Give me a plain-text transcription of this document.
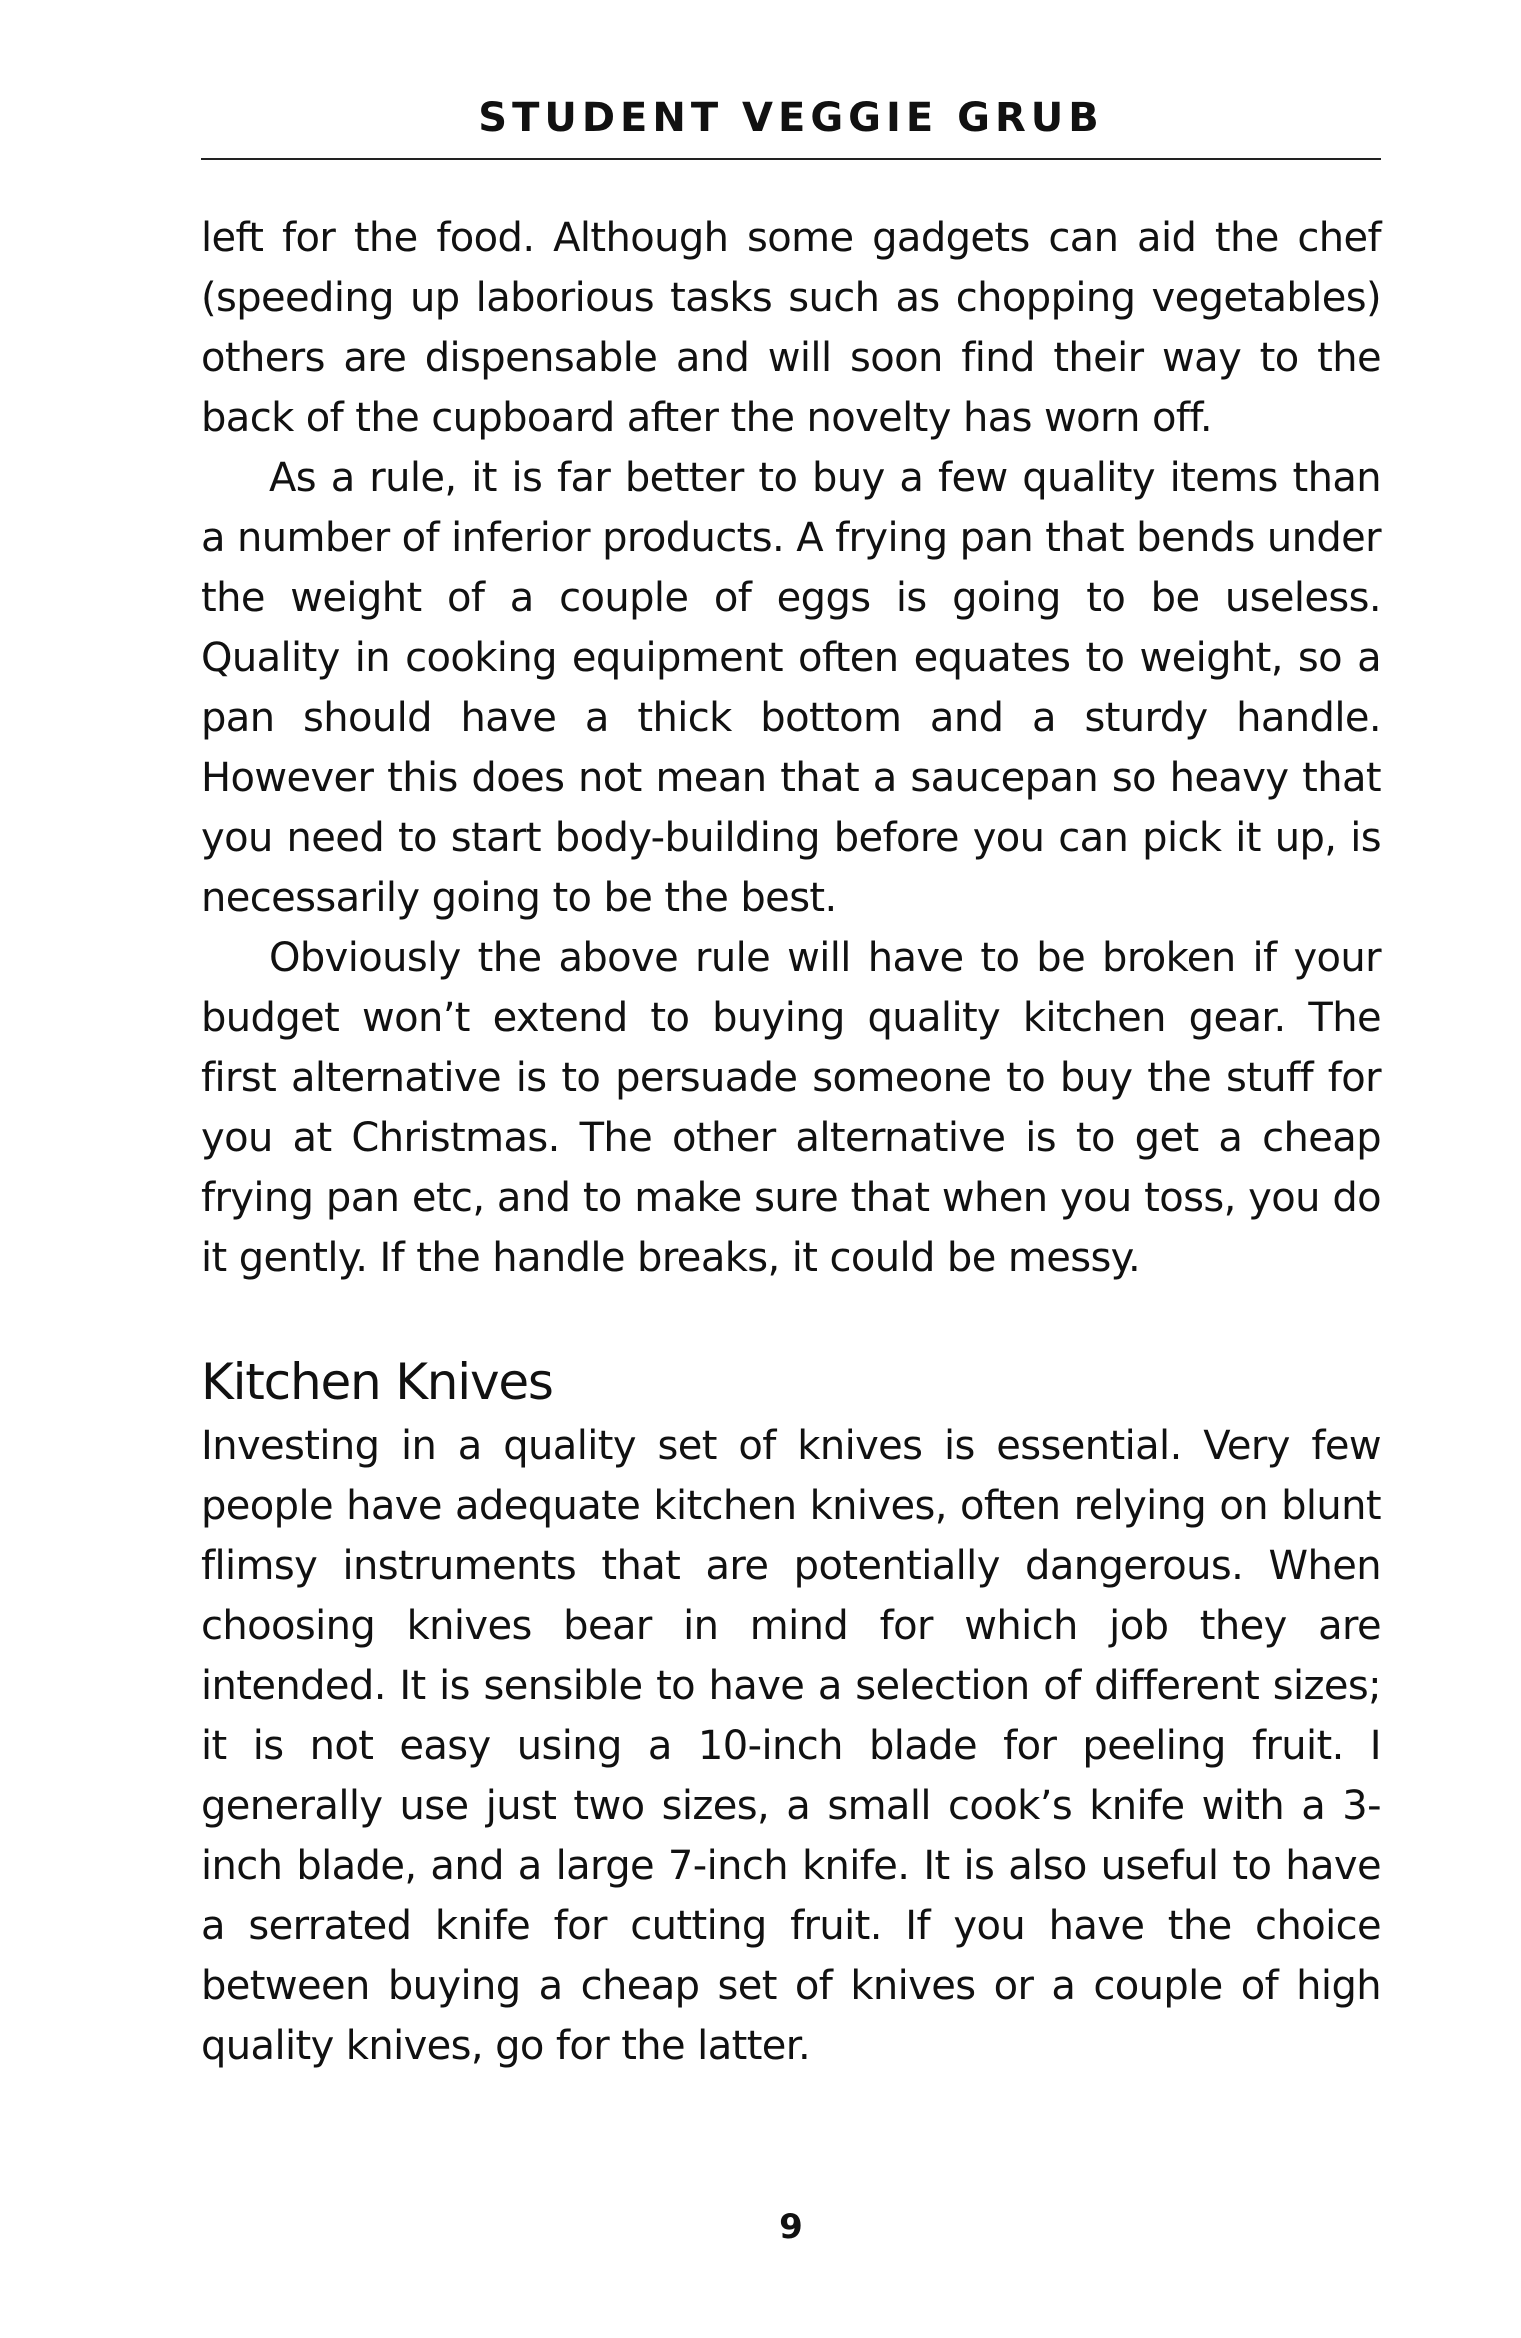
STUDENT VEGGIE GRUB

left for the food. Although some gadgets can aid the chef (speeding up laborious tasks such as chopping vegetables) others are dispensable and will soon find their way to the back of the cupboard after the novelty has worn off.

As a rule, it is far better to buy a few quality items than a number of inferior products. A frying pan that bends under the weight of a couple of eggs is going to be useless. Quality in cooking equipment often equates to weight, so a pan should have a thick bottom and a sturdy handle. However this does not mean that a saucepan so heavy that you need to start body-building before you can pick it up, is necessarily going to be the best.

Obviously the above rule will have to be broken if your budget won’t extend to buying quality kitchen gear. The first alternative is to persuade someone to buy the stuff for you at Christmas. The other alternative is to get a cheap frying pan etc, and to make sure that when you toss, you do it gently. If the handle breaks, it could be messy.

Kitchen Knives

Investing in a quality set of knives is essential. Very few people have adequate kitchen knives, often relying on blunt flimsy instruments that are potentially dangerous. When choosing knives bear in mind for which job they are intended. It is sensible to have a selection of different sizes; it is not easy using a 10-inch blade for peeling fruit. I generally use just two sizes, a small cook’s knife with a 3-inch blade, and a large 7-inch knife. It is also useful to have a serrated knife for cutting fruit. If you have the choice between buying a cheap set of knives or a couple of high quality knives, go for the latter.

9
